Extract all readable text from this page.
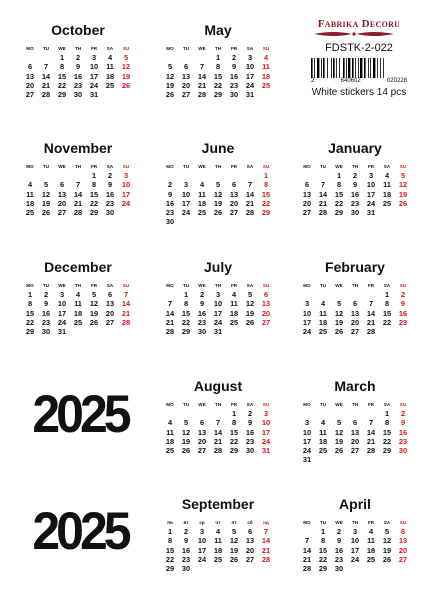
Fabrika Decoru
FDSTK-2-022
2	640602	020228
White stickers 14 pcs
2025
2025
October
MO	TU	WE	TH	FR	SA	SU
		1	2	3	4	5
6	7	8	9	10	11	12
13	14	15	16	17	18	19
20	21	22	23	24	25	26
27	28	29	30	31		
May
MO	TU	WE	TH	FR	SA	SU
			1	2	3	4
5	6	7	8	9	10	11
12	13	14	15	16	17	18
19	20	21	22	23	24	25
26	27	28	29	30	31	
November
MO	TU	WE	TH	FR	SA	SU
				1	2	3
4	5	6	7	8	9	10
11	12	13	14	15	16	17
18	19	20	21	22	23	24
25	26	27	28	29	30	
June
MO	TU	WE	TH	FR	SA	SU
						1
2	3	4	5	6	7	8
9	10	11	12	13	14	15
16	17	18	19	20	21	22
23	24	25	26	27	28	29
30						
January
MO	TU	WE	TH	FR	SA	SU
		1	2	3	4	5
6	7	8	9	10	11	12
13	14	15	16	17	18	19
20	21	22	23	24	25	26
27	28	29	30	31		
December
MO	TU	WE	TH	FR	SA	SU
1	2	3	4	5	6	7
8	9	10	11	12	13	14
15	16	17	18	19	20	21
22	23	24	25	26	27	28
29	30	31				
July
MO	TU	WE	TH	FR	SA	SU
	1	2	3	4	5	6
7	8	9	10	11	12	13
14	15	16	17	18	19	20
21	22	23	24	25	26	27
28	29	30	31			
February
MO	TU	WE	TH	FR	SA	SU
					1	2
3	4	5	6	7	8	9
10	11	12	13	14	15	16
17	18	19	20	21	22	23
24	25	26	27	28		
August
MO	TU	WE	TH	FR	SA	SU
				1	2	3
4	5	6	7	8	9	10
11	12	13	14	15	16	17
18	19	20	21	22	23	24
25	26	27	28	29	30	31
March
MO	TU	WE	TH	FR	SA	SU
					1	2
3	4	5	6	7	8	9
10	11	12	13	14	15	16
17	18	19	20	21	22	23
24	25	26	27	28	29	30
31						
September
пн	вт	ср	чт	пт	сб	нд
1	2	3	4	5	6	7
8	9	10	11	12	13	14
15	16	17	18	19	20	21
22	23	24	25	26	27	28
29	30					
April
MO	TU	WE	TH	FR	SA	SU
	1	2	3	4	5	6
7	8	9	10	11	12	13
14	15	16	17	18	19	20
21	22	23	24	25	26	27
28	29	30				
